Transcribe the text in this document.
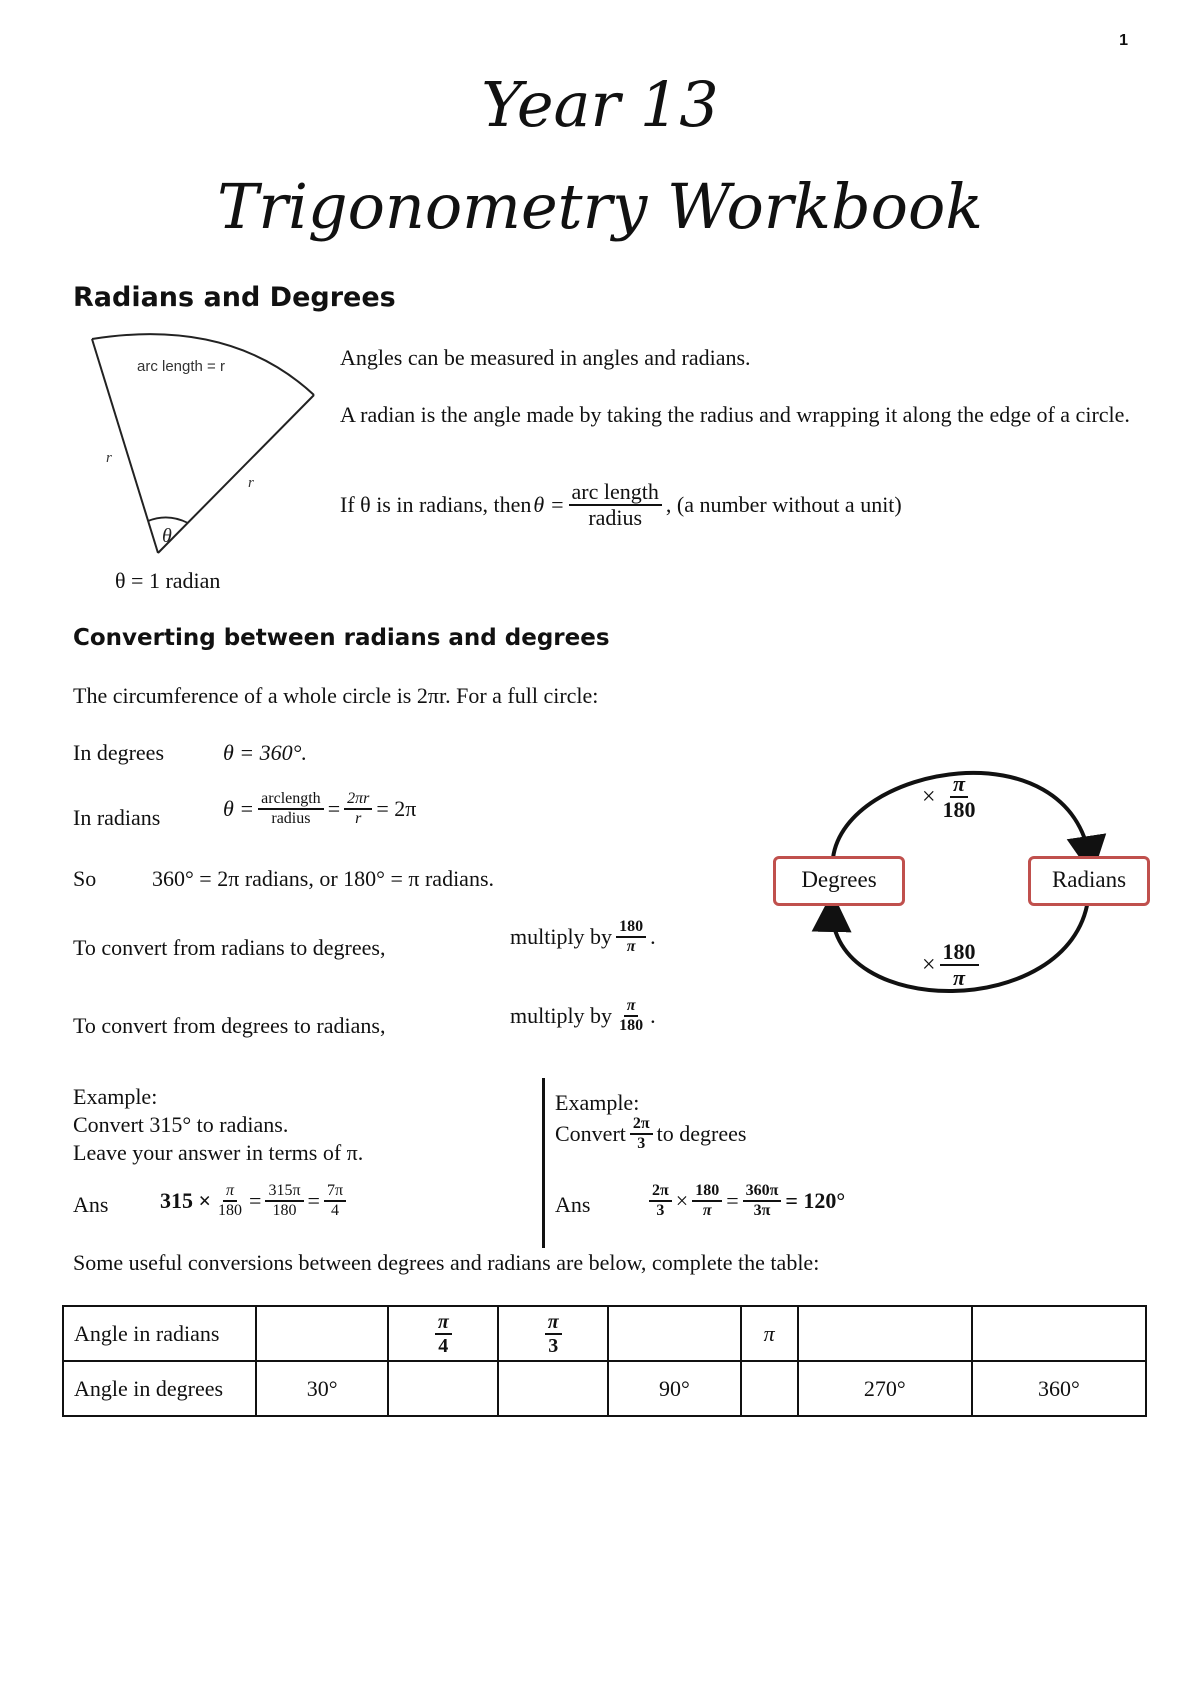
1
Year 13
Trigonometry Workbook
Radians and Degrees
arc length = r
r
r
θ
θ = 1 radian
Angles can be measured in angles and radians.
A radian is the angle made by taking the radius and wrapping it along the edge of a circle.
If θ is in radians, then $\theta = \frac{\text{arc length}}{\text{radius}}$ , (a number without a unit)
Converting between radians and degrees
The circumference of a whole circle is 2πr. For a full circle:
In degrees	θ = 360°.
In radians	$\theta = \frac{\text{arclength}}{\text{radius}} = \frac{2\pi r}{r} = 2\pi$
So	360° = 2π radians, or 180° = π radians.
To convert from radians to degrees,	multiply by $\frac{180}{\pi}$ .
To convert from degrees to radians,	multiply by $\frac{\pi}{180}$ .
Degrees	Radians
× $\frac{\pi}{180}$
× $\frac{180}{\pi}$
Example:
Convert 315° to radians.
Leave your answer in terms of π.
Ans $315 \times \frac{\pi}{180} = \frac{315\pi}{180} = \frac{7\pi}{4}$
Example:
Convert $\frac{2\pi}{3}$ to degrees
Ans	$\frac{2\pi}{3} \times \frac{180}{\pi} = \frac{360\pi}{3\pi} = 120^\circ$
Some useful conversions between degrees and radians are below, complete the table:
Angle in radians		$\frac{\pi}{4}$	$\frac{\pi}{3}$		π		
Angle in degrees	30°			90°		270°	360°
